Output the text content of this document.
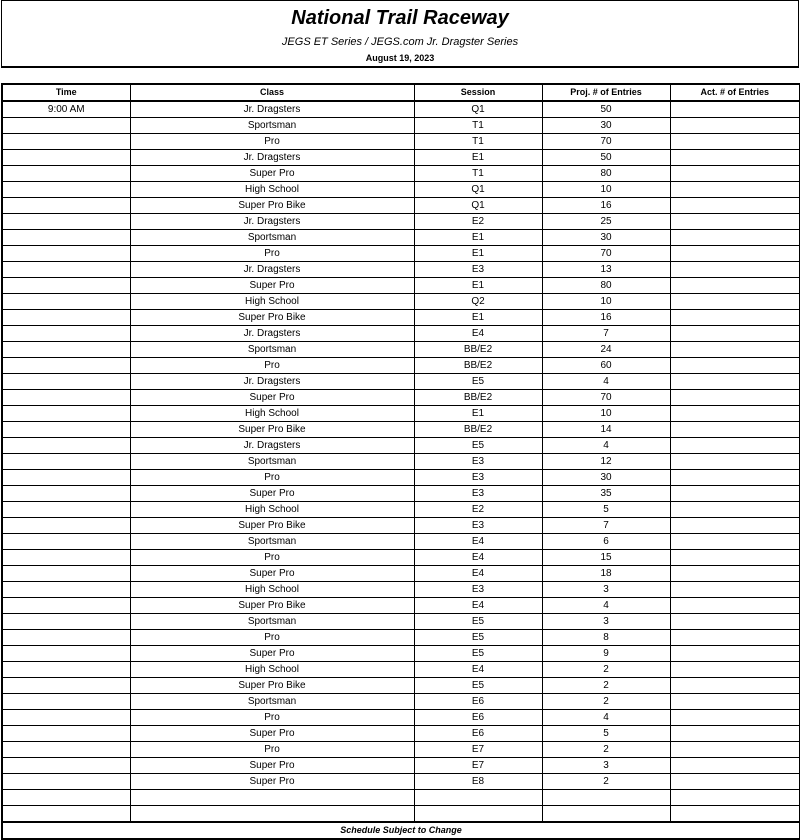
National Trail Raceway
JEGS ET Series / JEGS.com Jr. Dragster Series
August 19, 2023
Time	Class	Session	Proj. # of Entries	Act. # of Entries
9:00 AM	Jr. Dragsters	Q1	50	
	Sportsman	T1	30	
	Pro	T1	70	
	Jr. Dragsters	E1	50	
	Super Pro	T1	80	
	High School	Q1	10	
	Super Pro Bike	Q1	16	
	Jr. Dragsters	E2	25	
	Sportsman	E1	30	
	Pro	E1	70	
	Jr. Dragsters	E3	13	
	Super Pro	E1	80	
	High School	Q2	10	
	Super Pro Bike	E1	16	
	Jr. Dragsters	E4	7	
	Sportsman	BB/E2	24	
	Pro	BB/E2	60	
	Jr. Dragsters	E5	4	
	Super Pro	BB/E2	70	
	High School	E1	10	
	Super Pro Bike	BB/E2	14	
	Jr. Dragsters	E5	4	
	Sportsman	E3	12	
	Pro	E3	30	
	Super Pro	E3	35	
	High School	E2	5	
	Super Pro Bike	E3	7	
	Sportsman	E4	6	
	Pro	E4	15	
	Super Pro	E4	18	
	High School	E3	3	
	Super Pro Bike	E4	4	
	Sportsman	E5	3	
	Pro	E5	8	
	Super Pro	E5	9	
	High School	E4	2	
	Super Pro Bike	E5	2	
	Sportsman	E6	2	
	Pro	E6	4	
	Super Pro	E6	5	
	Pro	E7	2	
	Super Pro	E7	3	
	Super Pro	E8	2	

Schedule Subject to Change				
